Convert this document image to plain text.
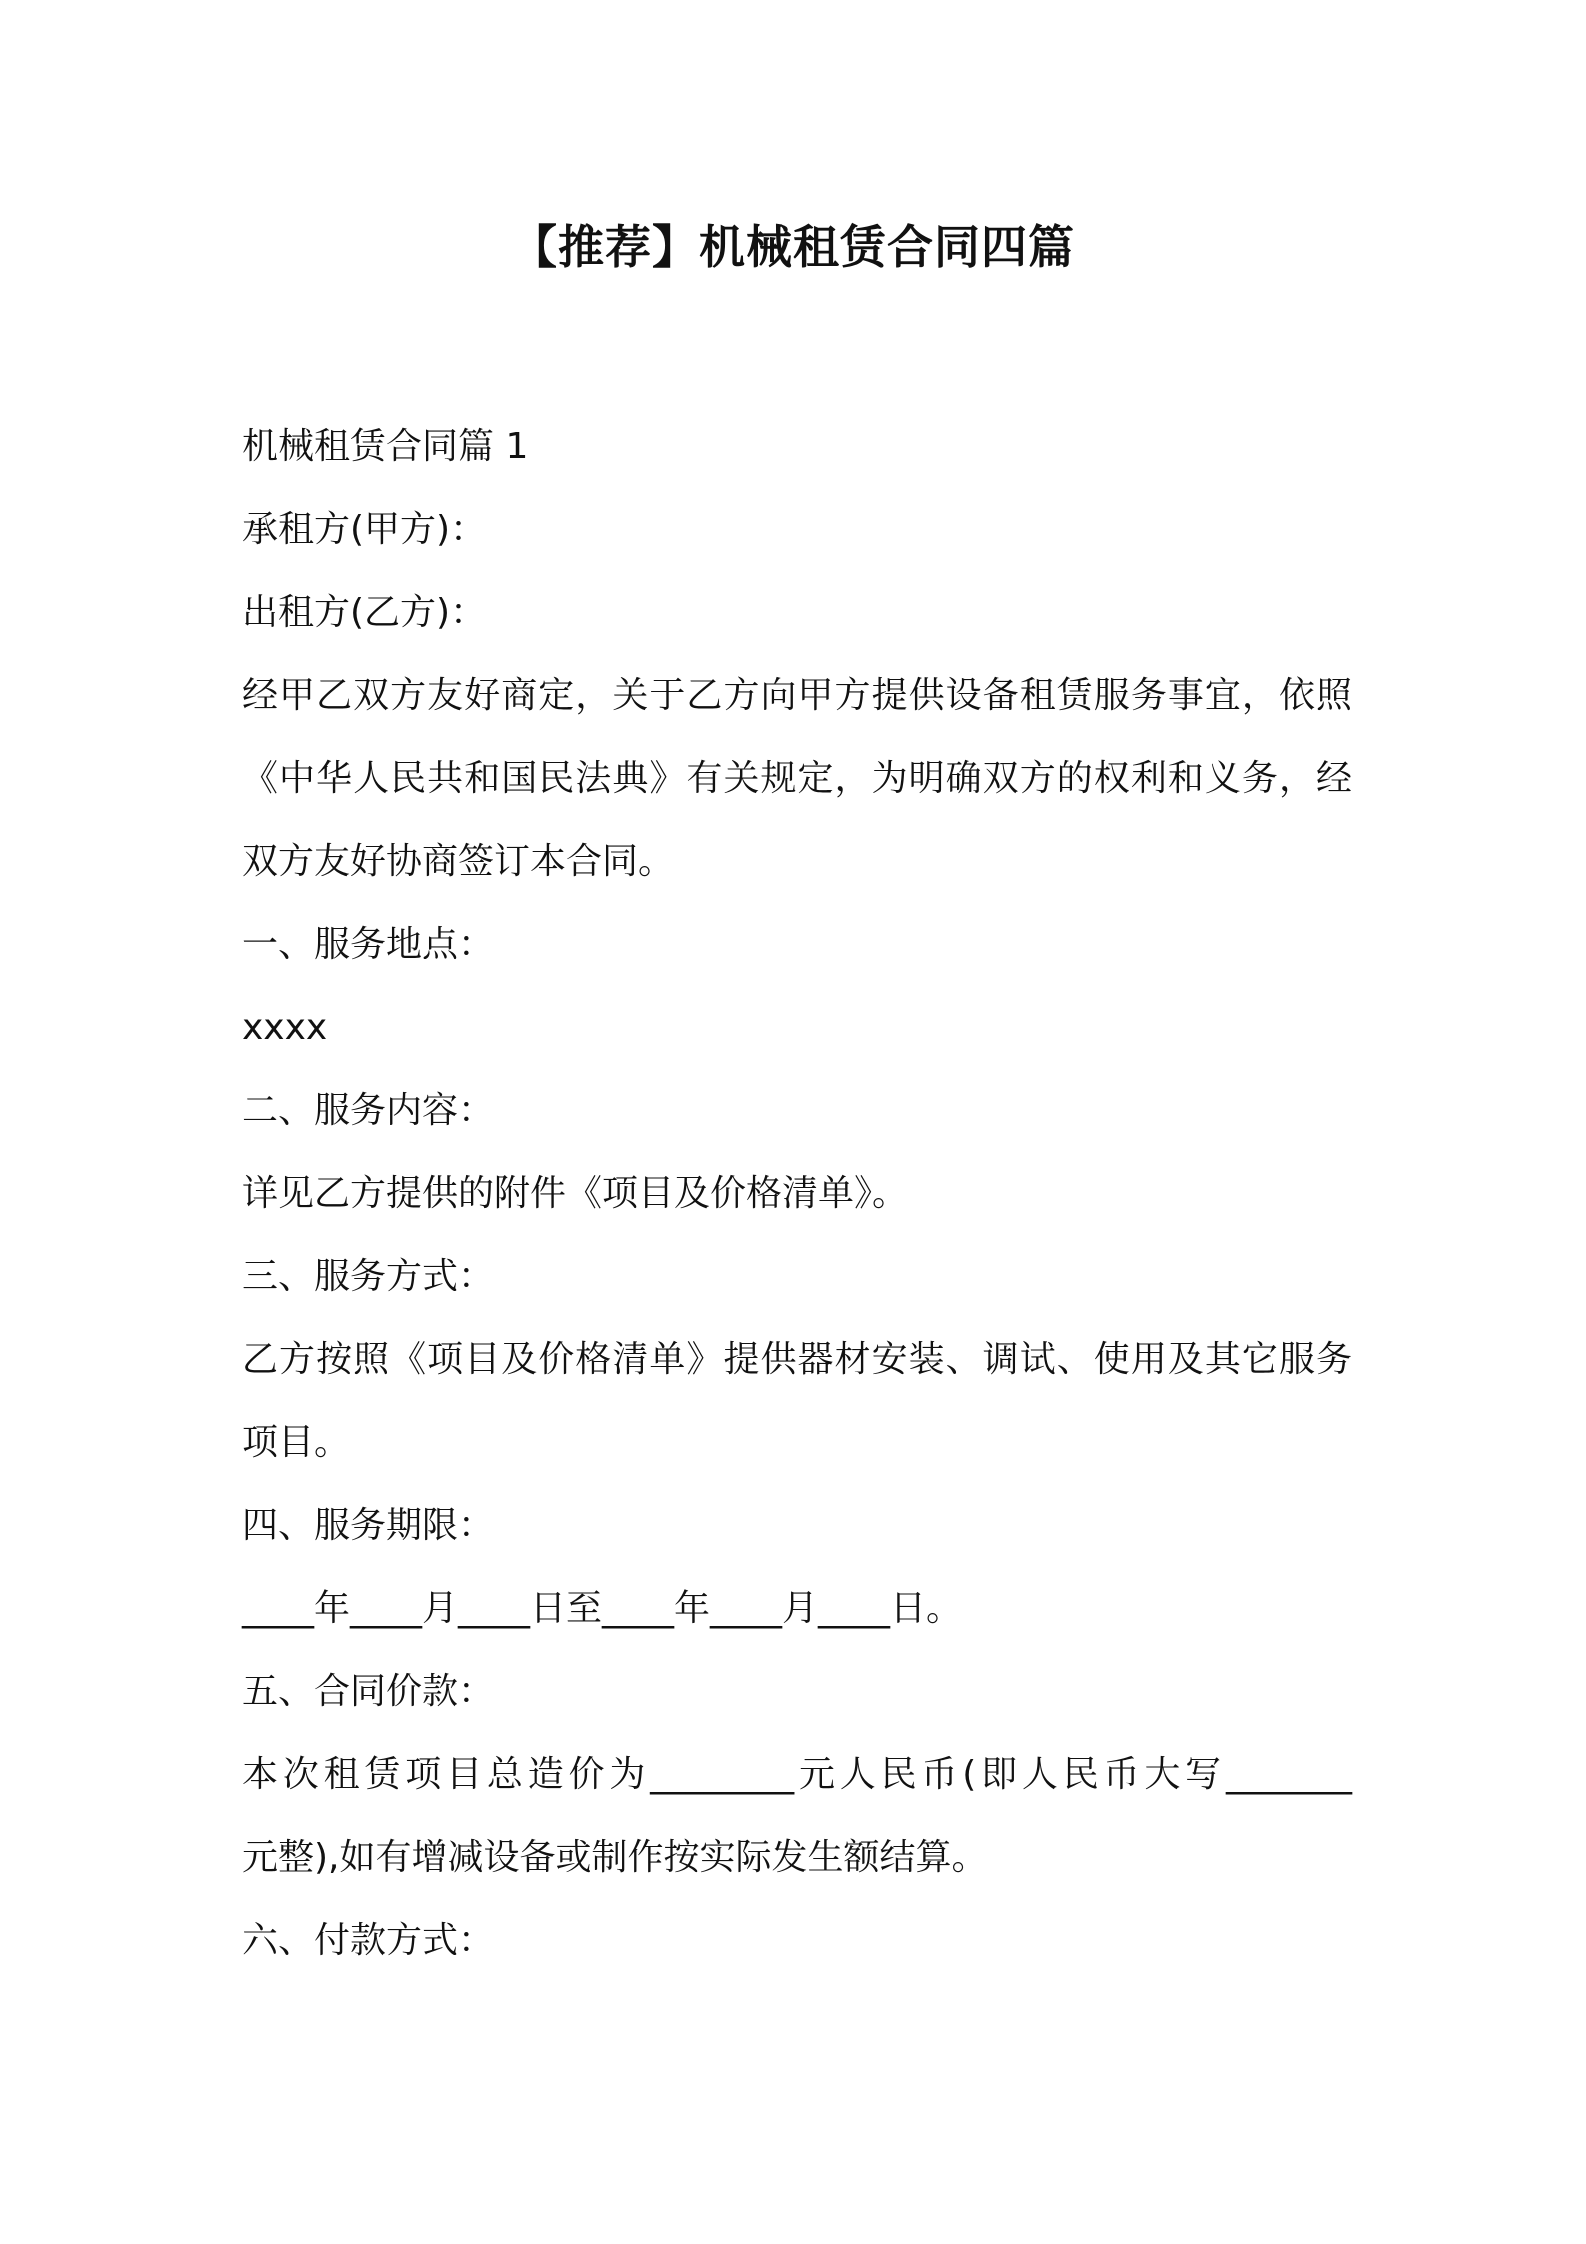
【推荐】机械租赁合同四篇
机械租赁合同篇 1
承租方(甲方)：
出租方(乙方)：
经甲乙双方友好商定，关于乙方向甲方提供设备租赁服务事宜，依照
《中华人民共和国民法典》有关规定，为明确双方的权利和义务，经
双方友好协商签订本合同。
一、服务地点：
xxxx
二、服务内容：
详见乙方提供的附件《项目及价格清单》。
三、服务方式：
乙方按照《项目及价格清单》提供器材安装、调试、使用及其它服务
项目。
四、服务期限：
____年____月____日至____年____月____日。
五、合同价款：
本次租赁项目总造价为________元人民币(即人民币大写_______
元整),如有增减设备或制作按实际发生额结算。
六、付款方式：
